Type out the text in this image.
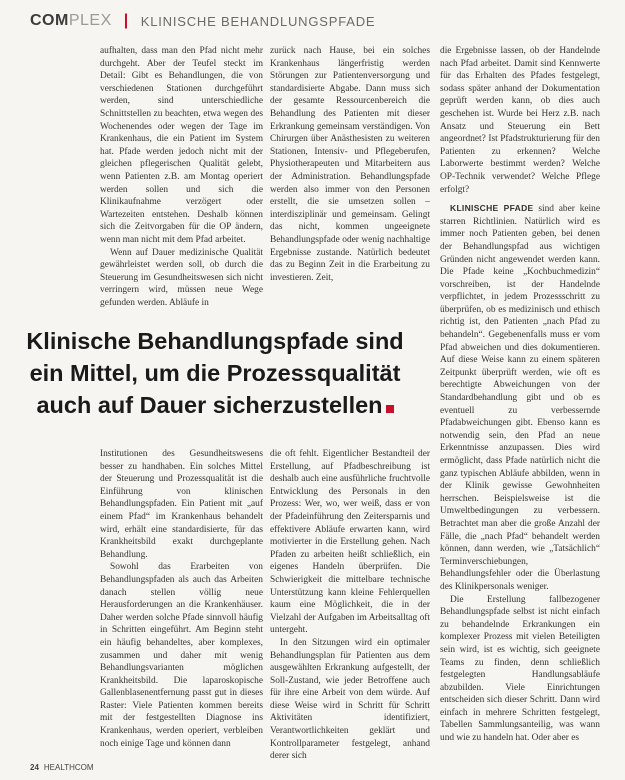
COM PLEX | KLINISCHE BEHANDLUNGSPFADE

aufhalten, dass man den Pfad nicht mehr durchgeht. Aber der Teufel steckt im Detail: Gibt es Behandlungen, die von verschiedenen Stationen durchgeführt werden, sind unterschiedliche Schnittstellen zu beachten, etwa wegen des Wochenendes oder wegen der Tage im Krankenhaus, die ein Patient im System hat. Pfade werden jedoch nicht mit der gleichen pflegerischen Qualität gelebt, wenn Patienten z.B. am Montag operiert werden sollen und sich die Klinikaufnahme verzögert oder Wartezeiten entstehen. Deshalb können sich die Zeitvorgaben für die OP ändern, wenn man nicht mit dem Pfad arbeitet.

Wenn auf Dauer medizinische Qualität gewährleistet werden soll, ob durch die Steuerung im Gesundheitswesen sich nicht verringern wird, müssen neue Wege gefunden werden. Abläufe in

zurück nach Hause, bei ein solches Krankenhaus längerfristig werden Störungen zur Patientenversorgung und standardisierte Abgabe. Dann muss sich der gesamte Ressourcenbereich die Behandlung des Patienten mit dieser Erkrankung gemeinsam verständigen. Von Chirurgen über Anästhesisten zu weiteren Stationen, Intensiv- und Pflegeberufen, Physiotherapeuten und Mitarbeitern aus der Administration. Behandlungspfade werden also immer von den Personen erstellt, die sie umsetzen sollen – interdisziplinär und gemeinsam. Gelingt das nicht, kommen ungeeignete Behandlungspfade oder wenig nachhaltige Ergebnisse zustande. Natürlich bedeutet das zu Beginn Zeit in die Erarbeitung zu investieren. Zeit,

die Ergebnisse lassen, ob der Handelnde nach Pfad arbeitet. Damit sind Kennwerte für das Erhalten des Pfades festgelegt, sodass später anhand der Dokumentation geprüft werden kann, ob dies auch geschehen ist. Wurde bei Herz z.B. nach Ansatz und Steuerung ein Bett angeordnet? Ist Pfadstrukturierung für den Patienten zu erkennen? Welche Laborwerte bestimmt werden? Welche OP-Technik verwendet? Welche Pflege erfolgt?

KLINISCHE PFADE sind aber keine starren Richtlinien. Natürlich wird es immer noch Patienten geben, bei denen der Behandlungspfad aus wichtigen Gründen nicht angewendet werden kann. Die Pfade keine „Kochbuchmedizin“ vorschreiben, ist der Handelnde verpflichtet, in jedem Prozessschritt zu überprüfen, ob es medizinisch und ethisch richtig ist, den Patienten „nach Pfad zu behandeln“. Gegebenenfalls muss er vom Pfad abweichen und dies dokumentieren. Auf diese Weise kann zu einem späteren Zeitpunkt überprüft werden, wie oft es berechtigte Abweichungen von der Standardbehandlung gibt und ob es eventuell zu verbessernde Pfadabweichungen gibt. Ebenso kann es notwendig sein, den Pfad an neue Erkenntnisse anzupassen. Dies wird ermöglicht, dass Pfade natürlich nicht die ganz typischen Abläufe abbilden, wenn in der Klinik gewisse Gewohnheiten herrschen. Beispielsweise ist die Umweltbedingungen zu verbessern. Betrachtet man aber die große Anzahl der Fälle, die „nach Pfad“ behandelt werden können, dann werden, wie „Tatsächlich“ Terminverschiebungen, Behandlungsfehler oder die Überlastung des Klinikpersonals weniger.

Die Erstellung fallbezogener Behandlungspfade selbst ist nicht einfach zu behandelnde Erkrankungen ein komplexer Prozess mit vielen Beteiligten sein wird, ist es wichtig, sich geeignete Teams zu finden, denn schließlich festgelegten Handlungsabläufe abzubilden. Viele Einrichtungen entscheiden sich dieser Schritt. Dann wird einfach in mehrere Schritten festgelegt, Tabellen Sammlungsanteilig, was wann und wie zu handeln hat. Oder aber es

Klinische Behandlungspfade sind ein Mittel, um die Prozessqualität auch auf Dauer sicherzustellen

Institutionen des Gesundheitswesens besser zu handhaben. Ein solches Mittel der Steuerung und Prozessqualität ist die Einführung von klinischen Behandlungspfaden. Ein Patient mit „auf einem Pfad“ im Krankenhaus behandelt wird, erhält eine standardisierte, für das Krankheitsbild exakt durchgeplante Behandlung.

Sowohl das Erarbeiten von Behandlungspfaden als auch das Arbeiten danach stellen völlig neue Herausforderungen an die Krankenhäuser. Daher werden solche Pfade sinnvoll häufig in Schritten eingeführt. Am Beginn steht ein häufig behandeltes, aber komplexes, zusammen und daher mit wenig Behandlungsvarianten möglichen Krankheitsbild. Die laparoskopische Gallenblasenentfernung passt gut in dieses Raster: Viele Patienten kommen bereits mit der festgestellten Diagnose ins Krankenhaus, werden operiert, verbleiben noch einige Tage und können dann

die oft fehlt. Eigentlicher Bestandteil der Erstellung, auf Pfadbeschreibung ist deshalb auch eine ausführliche fruchtvolle Entwicklung des Personals in den Prozess: Wer, wo, wer weiß, dass er von der Pfadeinführung den Zeitersparnis und effektivere Abläufe erwarten kann, wird motivierter in die Erstellung gehen. Nach Pfaden zu arbeiten heißt schließlich, ein eigenes Handeln überprüfen. Die Schwierigkeit die mittelbare technische Unterstützung kann kleine Fehlerquellen kaum eine Möglichkeit, die in der Vielzahl der Aufgaben im Arbeitsalltag oft untergeht.

In den Sitzungen wird ein optimaler Behandlungsplan für Patienten aus dem ausgewählten Erkrankung aufgestellt, der Soll-Zustand, wie jeder Betroffene auch für ihre eine Arbeit von dem würde. Auf diese Weise wird in Schritt für Schritt Aktivitäten identifiziert, Verantwortlichkeiten geklärt und Kontrollparameter festgelegt, anhand derer sich

24 HEALTHCOM
